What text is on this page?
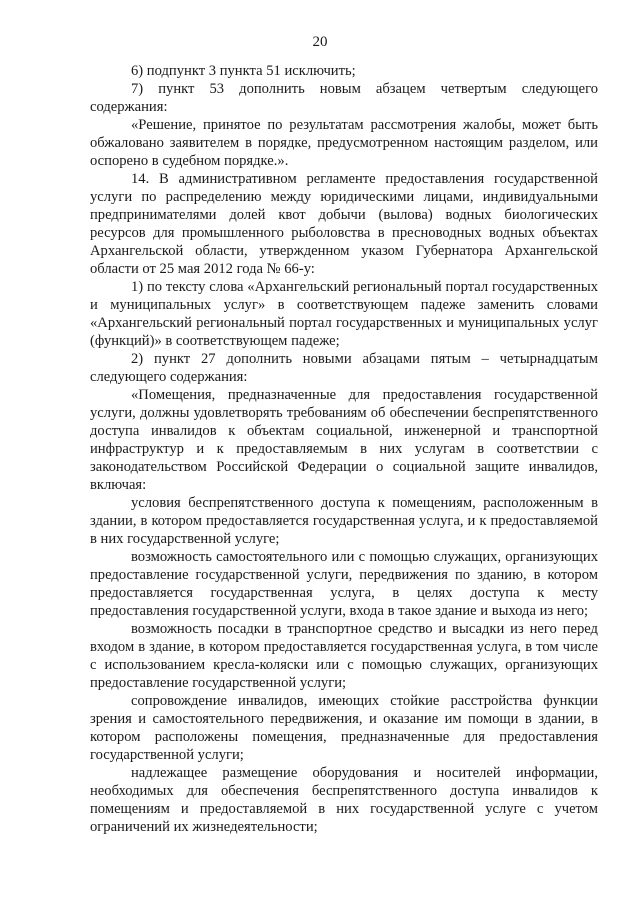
20

6) подпункт 3 пункта 51 исключить;

7) пункт 53 дополнить новым абзацем четвертым следующего содержания:

«Решение, принятое по результатам рассмотрения жалобы, может быть обжаловано заявителем в порядке, предусмотренном настоящим разделом, или оспорено в судебном порядке.».

14. В административном регламенте предоставления государственной услуги по распределению между юридическими лицами, индивидуальными предпринимателями долей квот добычи (вылова) водных биологических ресурсов для промышленного рыболовства в пресноводных водных объектах Архангельской области, утвержденном указом Губернатора Архангельской области от 25 мая 2012 года № 66-у:

1) по тексту слова «Архангельский региональный портал государственных и муниципальных услуг» в соответствующем падеже заменить словами «Архангельский региональный портал государственных и муниципальных услуг (функций)» в соответствующем падеже;

2) пункт 27 дополнить новыми абзацами пятым – четырнадцатым следующего содержания:

«Помещения, предназначенные для предоставления государственной услуги, должны удовлетворять требованиям об обеспечении беспрепятственного доступа инвалидов к объектам социальной, инженерной и транспортной инфраструктур и к предоставляемым в них услугам в соответствии с законодательством Российской Федерации о социальной защите инвалидов, включая:

условия беспрепятственного доступа к помещениям, расположенным в здании, в котором предоставляется государственная услуга, и к предоставляемой в них государственной услуге;

возможность самостоятельного или с помощью служащих, организующих предоставление государственной услуги, передвижения по зданию, в котором предоставляется государственная услуга, в целях доступа к месту предоставления государственной услуги, входа в такое здание и выхода из него;

возможность посадки в транспортное средство и высадки из него перед входом в здание, в котором предоставляется государственная услуга, в том числе с использованием кресла-коляски или с помощью служащих, организующих предоставление государственной услуги;

сопровождение инвалидов, имеющих стойкие расстройства функции зрения и самостоятельного передвижения, и оказание им помощи в здании, в котором расположены помещения, предназначенные для предоставления государственной услуги;

надлежащее размещение оборудования и носителей информации, необходимых для обеспечения беспрепятственного доступа инвалидов к помещениям и предоставляемой в них государственной услуге с учетом ограничений их жизнедеятельности;
